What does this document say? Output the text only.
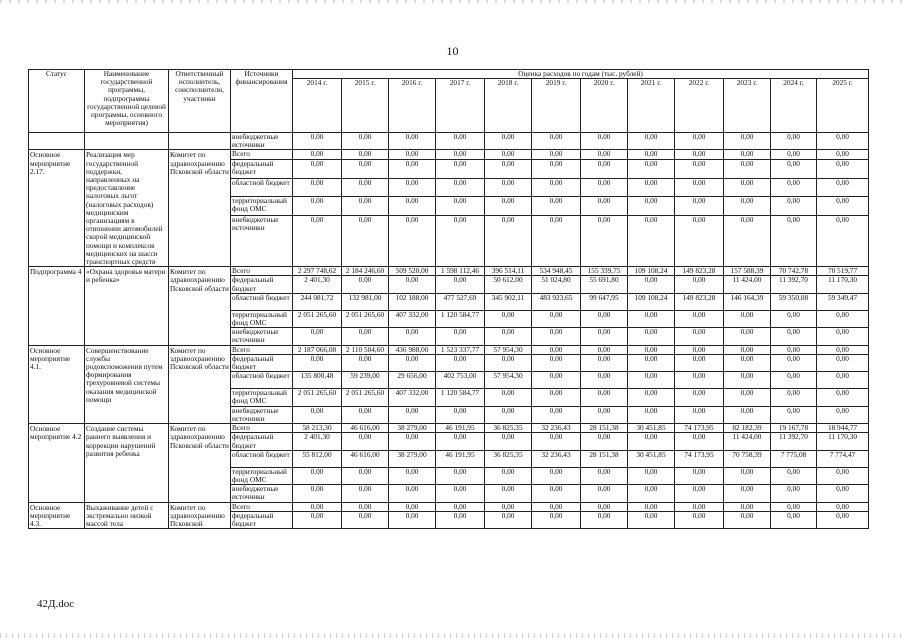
10
Статус	Наименование государственной программы, подпрограммы государственной целевой программы, основного мероприятия)	Ответственный исполнитель, соисполнители, участники	Источники финансирования	Оценка расходов по годам (тыс. рублей)											
				2014 г.	2015 г.	2016 г.	2017 г.	2018 г.	2019 г.	2020 г.	2021 г.	2022 г.	2023 г.	2024 г.	2025 г.
			внебюджетные источники	0,00	0,00	0,00	0,00	0,00	0,00	0,00	0,00	0,00	0,00	0,00	0,00
Основное мероприятие 2.17.	Реализация мер государственной поддержки, направленных на предоставление налоговых льгот (налоговых расходов) медицинским организациям в отношении автомобилей скорой медицинской помощи и комплексов медицинских на шасси транспортных средств	Комитет по здравоохранению Псковской области	Всего	0,00	0,00	0,00	0,00	0,00	0,00	0,00	0,00	0,00	0,00	0,00	0,00
			федеральный бюджет	0,00	0,00	0,00	0,00	0,00	0,00	0,00	0,00	0,00	0,00	0,00	0,00
			областной бюджет	0,00	0,00	0,00	0,00	0,00	0,00	0,00	0,00	0,00	0,00	0,00	0,00
			территориальный фонд ОМС	0,00	0,00	0,00	0,00	0,00	0,00	0,00	0,00	0,00	0,00	0,00	0,00
			внебюджетные источники	0,00	0,00	0,00	0,00	0,00	0,00	0,00	0,00	0,00	0,00	0,00	0,00
Подпрограмма 4	«Охрана здоровья матери и ребенка»	Комитет по здравоохранению Псковской области	Всего	2 297 748,62	2 184 246,60	509 520,00	1 598 112,46	396 514,11	534 948,45	155 339,75	109 108,24	149 823,28	157 588,39	70 742,78	70 519,77
			федеральный бюджет	2 401,30	0,00	0,00	0,00	50 612,00	51 024,80	55 691,80	0,00	0,00	11 424,00	11 392,70	11 170,30
			областной бюджет	244 081,72	132 981,00	102 188,00	477 527,69	345 902,11	483 923,65	99 647,95	109 108,24	149 823,28	146 164,39	59 350,08	59 349,47
			территориальный фонд ОМС	2 051 265,60	2 051 265,60	407 332,00	1 120 584,77	0,00	0,00	0,00	0,00	0,00	0,00	0,00	0,00
			внебюджетные источники	0,00	0,00	0,00	0,00	0,00	0,00	0,00	0,00	0,00	0,00	0,00	0,00
Основное мероприятие 4.1.	Совершенствование службы родовспоможения путем формирования трехуровневой системы оказания медицинской помощи	Комитет по здравоохранению Псковской области	Всего	2 187 066,08	2 110 504,60	436 988,00	1 523 337,77	57 954,30	0,00	0,00	0,00	0,00	0,00	0,00	0,00
			федеральный бюджет	0,00	0,00	0,00	0,00	0,00	0,00	0,00	0,00	0,00	0,00	0,00	0,00
			областной бюджет	135 800,48	59 239,00	29 656,00	402 753,00	57 954,30	0,00	0,00	0,00	0,00	0,00	0,00	0,00
			территориальный фонд ОМС	2 051 265,60	2 051 265,60	407 332,00	1 120 584,77	0,00	0,00	0,00	0,00	0,00	0,00	0,00	0,00
			внебюджетные источники	0,00	0,00	0,00	0,00	0,00	0,00	0,00	0,00	0,00	0,00	0,00	0,00
Основное мероприятие 4.2	Создание системы раннего выявления и коррекции нарушений развития ребенка	Комитет по здравоохранению Псковской области	Всего	58 213,30	46 616,00	38 279,00	46 191,95	36 825,35	32 236,43	28 151,38	30 451,85	74 173,95	82 182,39	19 167,78	18 944,77
			федеральный бюджет	2 401,30	0,00	0,00	0,00	0,00	0,00	0,00	0,00	0,00	11 424,00	11 392,70	11 170,30
			областной бюджет	55 812,00	46 616,00	38 279,00	46 191,95	36 825,35	32 236,43	28 151,38	30 451,85	74 173,95	70 758,39	7 775,08	7 774,47
			территориальный фонд ОМС	0,00	0,00	0,00	0,00	0,00	0,00	0,00	0,00	0,00	0,00	0,00	0,00
			внебюджетные источники	0,00	0,00	0,00	0,00	0,00	0,00	0,00	0,00	0,00	0,00	0,00	0,00
Основное мероприятие 4.3.	Выхаживание детей с экстремально низкой массой тела	Комитет по здравоохранению Псковской	Всего	0,00	0,00	0,00	0,00	0,00	0,00	0,00	0,00	0,00	0,00	0,00	0,00
			федеральный бюджет	0,00	0,00	0,00	0,00	0,00	0,00	0,00	0,00	0,00	0,00	0,00	0,00
42Д.doc
